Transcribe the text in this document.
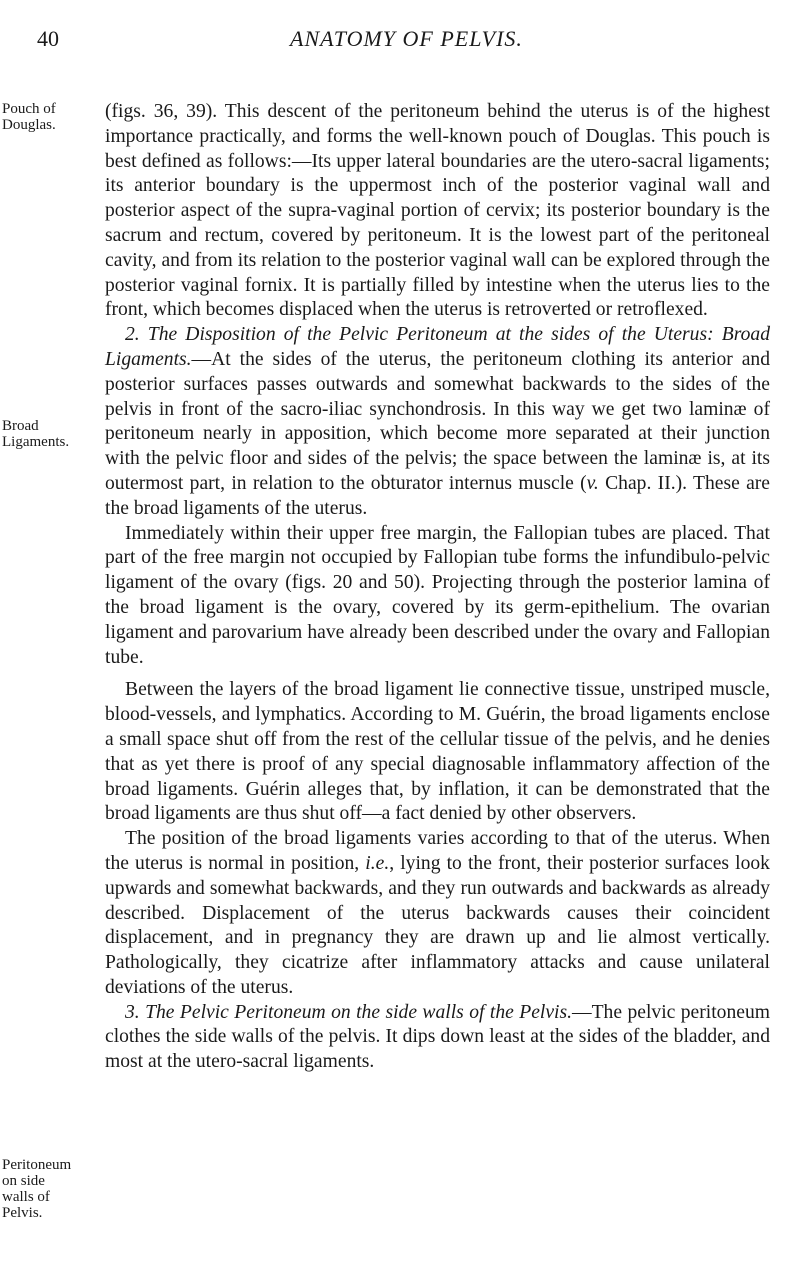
40	ANATOMY OF PELVIS.
Pouch of Douglas.
Broad Ligaments.
Peritoneum on side walls of Pelvis.

(figs. 36, 39). This descent of the peritoneum behind the uterus is of the highest importance practically, and forms the well-known pouch of Douglas. This pouch is best defined as follows:—Its upper lateral boundaries are the utero-sacral ligaments; its anterior boundary is the uppermost inch of the posterior vaginal wall and posterior aspect of the supra-vaginal portion of cervix; its posterior boundary is the sacrum and rectum, covered by peritoneum. It is the lowest part of the peritoneal cavity, and from its relation to the posterior vaginal wall can be explored through the posterior vaginal fornix. It is partially filled by intestine when the uterus lies to the front, which becomes displaced when the uterus is retroverted or retroflexed.

2. The Disposition of the Pelvic Peritoneum at the sides of the Uterus: Broad Ligaments.—At the sides of the uterus, the peritoneum clothing its anterior and posterior surfaces passes outwards and somewhat backwards to the sides of the pelvis in front of the sacro-iliac synchondrosis. In this way we get two laminæ of peritoneum nearly in apposition, which become more separated at their junction with the pelvic floor and sides of the pelvis; the space between the laminæ is, at its outermost part, in relation to the obturator internus muscle (v. Chap. II.). These are the broad ligaments of the uterus.

Immediately within their upper free margin, the Fallopian tubes are placed. That part of the free margin not occupied by Fallopian tube forms the infundibulo-pelvic ligament of the ovary (figs. 20 and 50). Projecting through the posterior lamina of the broad ligament is the ovary, covered by its germ-epithelium. The ovarian ligament and parovarium have already been described under the ovary and Fallopian tube.

Between the layers of the broad ligament lie connective tissue, unstriped muscle, blood-vessels, and lymphatics. According to M. Guérin, the broad ligaments enclose a small space shut off from the rest of the cellular tissue of the pelvis, and he denies that as yet there is proof of any special diagnosable inflammatory affection of the broad ligaments. Guérin alleges that, by inflation, it can be demonstrated that the broad ligaments are thus shut off—a fact denied by other observers.

The position of the broad ligaments varies according to that of the uterus. When the uterus is normal in position, i.e., lying to the front, their posterior surfaces look upwards and somewhat backwards, and they run outwards and backwards as already described. Displacement of the uterus backwards causes their coincident displacement, and in pregnancy they are drawn up and lie almost vertically. Pathologically, they cicatrize after inflammatory attacks and cause unilateral deviations of the uterus.

3. The Pelvic Peritoneum on the side walls of the Pelvis.—The pelvic peritoneum clothes the side walls of the pelvis. It dips down least at the sides of the bladder, and most at the utero-sacral ligaments.
